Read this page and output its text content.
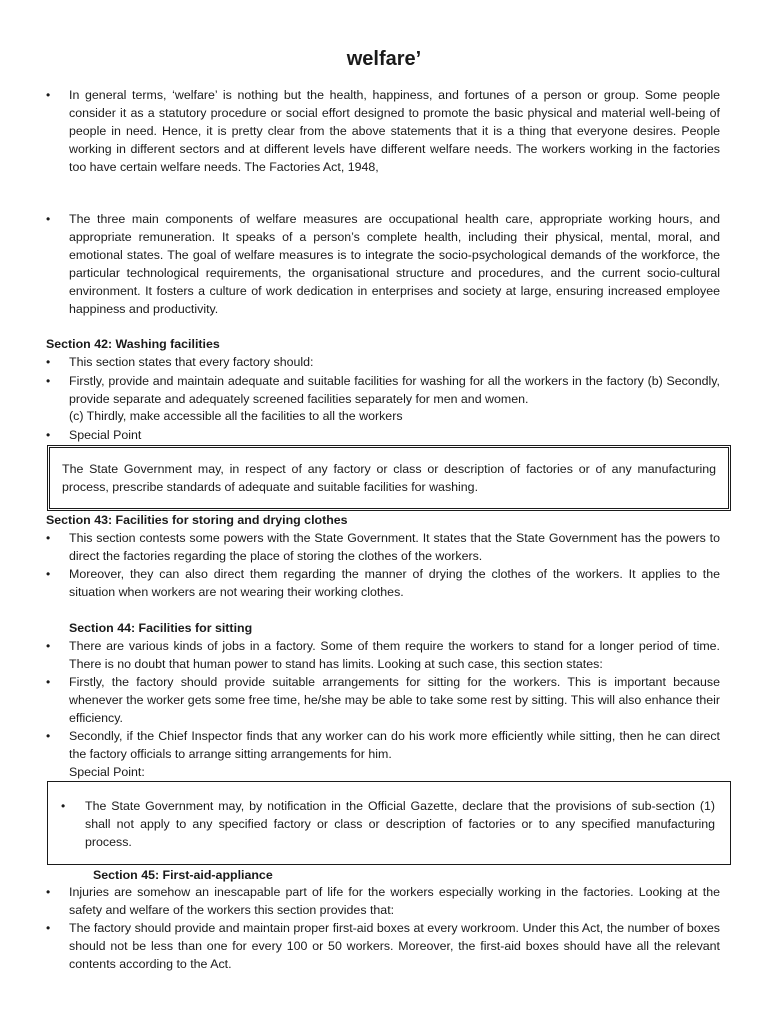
welfare’
• In general terms, ‘welfare’ is nothing but the health, happiness, and fortunes of a person or group. Some people consider it as a statutory procedure or social effort designed to promote the basic physical and material well-being of people in need. Hence, it is pretty clear from the above statements that it is a thing that everyone desires. People working in different sectors and at different levels have different welfare needs. The workers working in the factories too have certain welfare needs. The Factories Act, 1948,
• The three main components of welfare measures are occupational health care, appropriate working hours, and appropriate remuneration. It speaks of a person’s complete health, including their physical, mental, moral, and emotional states. The goal of welfare measures is to integrate the socio-psychological demands of the workforce, the particular technological requirements, the organisational structure and procedures, and the current socio-cultural environment. It fosters a culture of work dedication in enterprises and society at large, ensuring increased employee happiness and productivity.
Section 42: Washing facilities
• This section states that every factory should:
• Firstly, provide and maintain adequate and suitable facilities for washing for all the workers in the factory (b) Secondly, provide separate and adequately screened facilities separately for men and women.
(c) Thirdly, make accessible all the facilities to all the workers
• Special Point
The State Government may, in respect of any factory or class or description of factories or of any manufacturing process, prescribe standards of adequate and suitable facilities for washing.
Section 43: Facilities for storing and drying clothes
• This section contests some powers with the State Government. It states that the State Government has the powers to direct the factories regarding the place of storing the clothes of the workers.
• Moreover, they can also direct them regarding the manner of drying the clothes of the workers. It applies to the situation when workers are not wearing their working clothes.
Section 44: Facilities for sitting
• There are various kinds of jobs in a factory. Some of them require the workers to stand for a longer period of time. There is no doubt that human power to stand has limits. Looking at such case, this section states:
• Firstly, the factory should provide suitable arrangements for sitting for the workers. This is important because whenever the worker gets some free time, he/she may be able to take some rest by sitting. This will also enhance their efficiency.
• Secondly, if the Chief Inspector finds that any worker can do his work more efficiently while sitting, then he can direct the factory officials to arrange sitting arrangements for him.
Special Point:
• The State Government may, by notification in the Official Gazette, declare that the provisions of sub-section (1) shall not apply to any specified factory or class or description of factories or to any specified manufacturing process.
Section 45: First-aid-appliance
• Injuries are somehow an inescapable part of life for the workers especially working in the factories. Looking at the safety and welfare of the workers this section provides that:
• The factory should provide and maintain proper first-aid boxes at every workroom. Under this Act, the number of boxes should not be less than one for every 100 or 50 workers. Moreover, the first-aid boxes should have all the relevant contents according to the Act.
